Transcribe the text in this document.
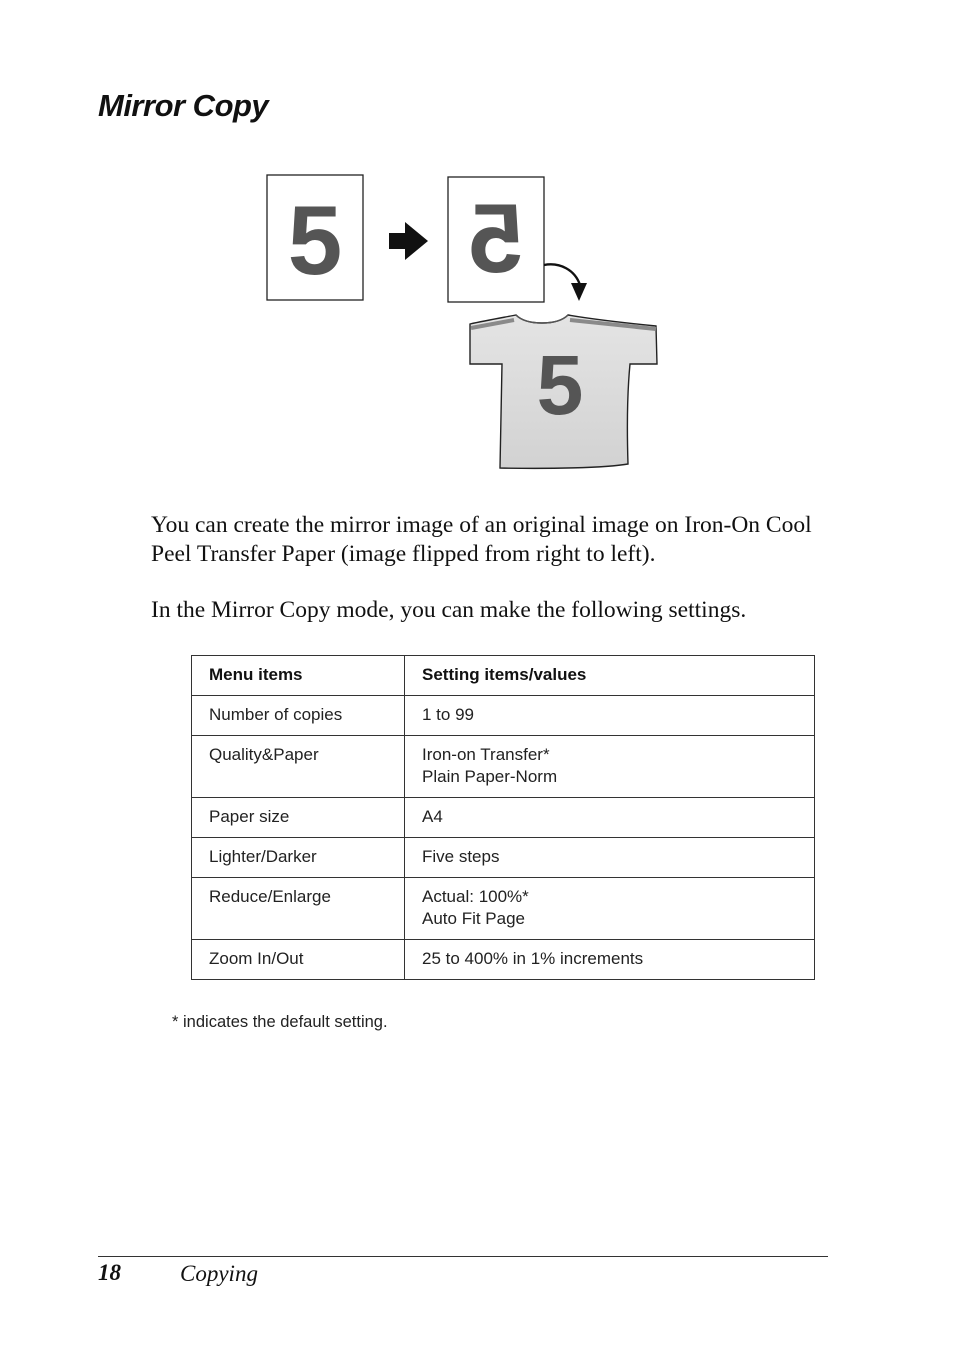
Mirror Copy
5 5
5

You can create the mirror image of an original image on Iron-On Cool Peel Transfer Paper (image flipped from right to left).

In the Mirror Copy mode, you can make the following settings.

Menu items	Setting items/values
Number of copies	1 to 99

Quality&Paper	Iron-on Transfer*
Plain Paper-Norm

Paper size	A4

Lighter/Darker	Five steps

Reduce/Enlarge	Actual: 100%*
Auto Fit Page

Zoom In/Out	25 to 400% in 1% increments

* indicates the default setting.

18	Copying
